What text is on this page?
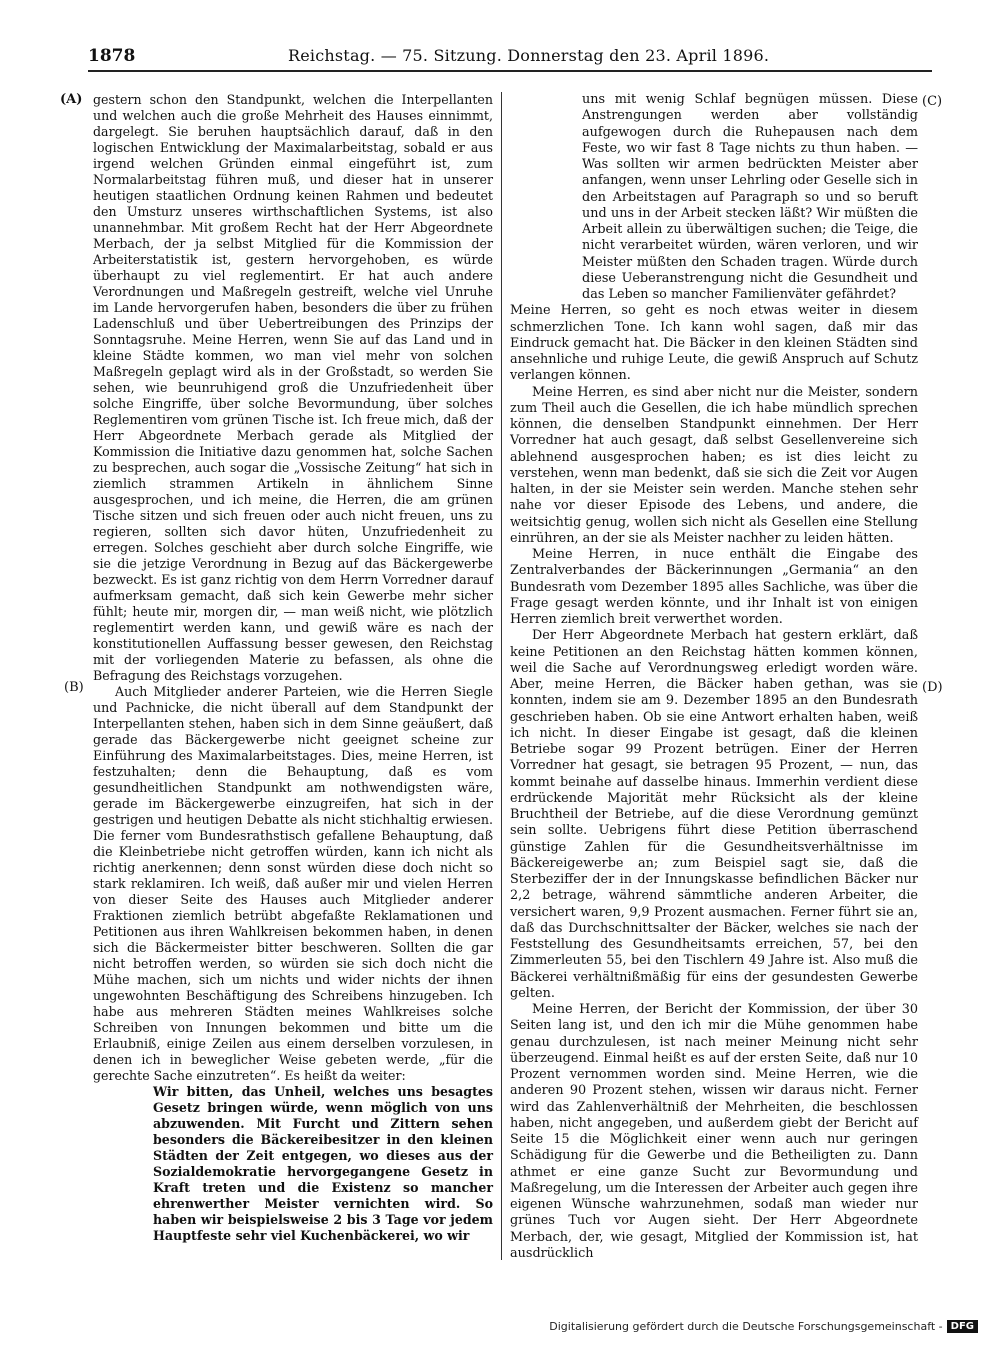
1878	Reichstag. — 75. Sitzung. Donnerstag den 23. April 1896.
(A)
(B)
(C)
(D)

gestern schon den Standpunkt, welchen die Interpellanten und welchen auch die große Mehrheit des Hauses einnimmt, dargelegt. Sie beruhen hauptsächlich darauf, daß in den logischen Entwicklung der Maximalarbeitstag, sobald er aus irgend welchen Gründen einmal eingeführt ist, zum Normalarbeitstag führen muß, und dieser hat in unserer heutigen staatlichen Ordnung keinen Rahmen und bedeutet den Umsturz unseres wirthschaftlichen Systems, ist also unannehmbar. Mit großem Recht hat der Herr Abgeordnete Merbach, der ja selbst Mitglied für die Kommission der Arbeiterstatistik ist, gestern hervorgehoben, es würde überhaupt zu viel reglementirt. Er hat auch andere Verordnungen und Maßregeln gestreift, welche viel Unruhe im Lande hervorgerufen haben, besonders die über zu frühen Ladenschluß und über Uebertreibungen des Prinzips der Sonntagsruhe. Meine Herren, wenn Sie auf das Land und in kleine Städte kommen, wo man viel mehr von solchen Maßregeln geplagt wird als in der Großstadt, so werden Sie sehen, wie beunruhigend groß die Unzufriedenheit über solche Eingriffe, über solche Bevormundung, über solches Reglementiren vom grünen Tische ist. Ich freue mich, daß der Herr Abgeordnete Merbach gerade als Mitglied der Kommission die Initiative dazu genommen hat, solche Sachen zu besprechen, auch sogar die „Vossische Zeitung“ hat sich in ziemlich strammen Artikeln in ähnlichem Sinne ausgesprochen, und ich meine, die Herren, die am grünen Tische sitzen und sich freuen oder auch nicht freuen, uns zu regieren, sollten sich davor hüten, Unzufriedenheit zu erregen. Solches geschieht aber durch solche Eingriffe, wie sie die jetzige Verordnung in Bezug auf das Bäckergewerbe bezweckt. Es ist ganz richtig von dem Herrn Vorredner darauf aufmerksam gemacht, daß sich kein Gewerbe mehr sicher fühlt; heute mir, morgen dir, — man weiß nicht, wie plötzlich reglementirt werden kann, und gewiß wäre es nach der konstitutionellen Auffassung besser gewesen, den Reichstag mit der vorliegenden Materie zu befassen, als ohne die Befragung des Reichstags vorzugehen.

Auch Mitglieder anderer Parteien, wie die Herren Siegle und Pachnicke, die nicht überall auf dem Standpunkt der Interpellanten stehen, haben sich in dem Sinne geäußert, daß gerade das Bäckergewerbe nicht geeignet scheine zur Einführung des Maximalarbeitstages. Dies, meine Herren, ist festzuhalten; denn die Behauptung, daß es vom gesundheitlichen Standpunkt am nothwendigsten wäre, gerade im Bäckergewerbe einzugreifen, hat sich in der gestrigen und heutigen Debatte als nicht stichhaltig erwiesen. Die ferner vom Bundesrathstisch gefallene Behauptung, daß die Kleinbetriebe nicht getroffen würden, kann ich nicht als richtig anerkennen; denn sonst würden diese doch nicht so stark reklamiren. Ich weiß, daß außer mir und vielen Herren von dieser Seite des Hauses auch Mitglieder anderer Fraktionen ziemlich betrübt abgefaßte Reklamationen und Petitionen aus ihren Wahlkreisen bekommen haben, in denen sich die Bäckermeister bitter beschweren. Sollten die gar nicht betroffen werden, so würden sie sich doch nicht die Mühe machen, sich um nichts und wider nichts der ihnen ungewohnten Beschäftigung des Schreibens hinzugeben. Ich habe aus mehreren Städten meines Wahlkreises solche Schreiben von Innungen bekommen und bitte um die Erlaubniß, einige Zeilen aus einem derselben vorzulesen, in denen ich in beweglicher Weise gebeten werde, „für die gerechte Sache einzutreten“. Es heißt da weiter:

Wir bitten, das Unheil, welches uns besagtes Gesetz bringen würde, wenn möglich von uns abzuwenden. Mit Furcht und Zittern sehen besonders die Bäckereibesitzer in den kleinen Städten der Zeit entgegen, wo dieses aus der Sozialdemokratie hervorgegangene Gesetz in Kraft treten und die Existenz so mancher ehrenwerther Meister vernichten wird. So haben wir beispielsweise 2 bis 3 Tage vor jedem Hauptfeste sehr viel Kuchenbäckerei, wo wir

uns mit wenig Schlaf begnügen müssen. Diese Anstrengungen werden aber vollständig aufgewogen durch die Ruhepausen nach dem Feste, wo wir fast 8 Tage nichts zu thun haben. — Was sollten wir armen bedrückten Meister aber anfangen, wenn unser Lehrling oder Geselle sich in den Arbeitstagen auf Paragraph so und so beruft und uns in der Arbeit stecken läßt? Wir müßten die Arbeit allein zu überwältigen suchen; die Teige, die nicht verarbeitet würden, wären verloren, und wir Meister müßten den Schaden tragen. Würde durch diese Ueberanstrengung nicht die Gesundheit und das Leben so mancher Familienväter gefährdet?

Meine Herren, so geht es noch etwas weiter in diesem schmerzlichen Tone. Ich kann wohl sagen, daß mir das Eindruck gemacht hat. Die Bäcker in den kleinen Städten sind ansehnliche und ruhige Leute, die gewiß Anspruch auf Schutz verlangen können.

Meine Herren, es sind aber nicht nur die Meister, sondern zum Theil auch die Gesellen, die ich habe mündlich sprechen können, die denselben Standpunkt einnehmen. Der Herr Vorredner hat auch gesagt, daß selbst Gesellenvereine sich ablehnend ausgesprochen haben; es ist dies leicht zu verstehen, wenn man bedenkt, daß sie sich die Zeit vor Augen halten, in der sie Meister sein werden. Manche stehen sehr nahe vor dieser Episode des Lebens, und andere, die weitsichtig genug, wollen sich nicht als Gesellen eine Stellung einrühren, an der sie als Meister nachher zu leiden hätten.

Meine Herren, in nuce enthält die Eingabe des Zentralverbandes der Bäckerinnungen „Germania“ an den Bundesrath vom Dezember 1895 alles Sachliche, was über die Frage gesagt werden könnte, und ihr Inhalt ist von einigen Herren ziemlich breit verwerthet worden.

Der Herr Abgeordnete Merbach hat gestern erklärt, daß keine Petitionen an den Reichstag hätten kommen können, weil die Sache auf Verordnungsweg erledigt worden wäre. Aber, meine Herren, die Bäcker haben gethan, was sie konnten, indem sie am 9. Dezember 1895 an den Bundesrath geschrieben haben. Ob sie eine Antwort erhalten haben, weiß ich nicht. In dieser Eingabe ist gesagt, daß die kleinen Betriebe sogar 99 Prozent betrügen. Einer der Herren Vorredner hat gesagt, sie betragen 95 Prozent, — nun, das kommt beinahe auf dasselbe hinaus. Immerhin verdient diese erdrückende Majorität mehr Rücksicht als der kleine Bruchtheil der Betriebe, auf die diese Verordnung gemünzt sein sollte. Uebrigens führt diese Petition überraschend günstige Zahlen für die Gesundheitsverhältnisse im Bäckereigewerbe an; zum Beispiel sagt sie, daß die Sterbeziffer der in der Innungskasse befindlichen Bäcker nur 2,2 betrage, während sämmtliche anderen Arbeiter, die versichert waren, 9,9 Prozent ausmachen. Ferner führt sie an, daß das Durchschnittsalter der Bäcker, welches sie nach der Feststellung des Gesundheitsamts erreichen, 57, bei den Zimmerleuten 55, bei den Tischlern 49 Jahre ist. Also muß die Bäckerei verhältnißmäßig für eins der gesundesten Gewerbe gelten.

Meine Herren, der Bericht der Kommission, der über 30 Seiten lang ist, und den ich mir die Mühe genommen habe genau durchzulesen, ist nach meiner Meinung nicht sehr überzeugend. Einmal heißt es auf der ersten Seite, daß nur 10 Prozent vernommen worden sind. Meine Herren, wie die anderen 90 Prozent stehen, wissen wir daraus nicht. Ferner wird das Zahlenverhältniß der Mehrheiten, die beschlossen haben, nicht angegeben, und außerdem giebt der Bericht auf Seite 15 die Möglichkeit einer wenn auch nur geringen Schädigung für die Gewerbe und die Betheiligten zu. Dann athmet er eine ganze Sucht zur Bevormundung und Maßregelung, um die Interessen der Arbeiter auch gegen ihre eigenen Wünsche wahrzunehmen, sodaß man wieder nur grünes Tuch vor Augen sieht. Der Herr Abgeordnete Merbach, der, wie gesagt, Mitglied der Kommission ist, hat ausdrücklich

Digitalisierung gefördert durch die Deutsche Forschungsgemeinschaft - DFG
